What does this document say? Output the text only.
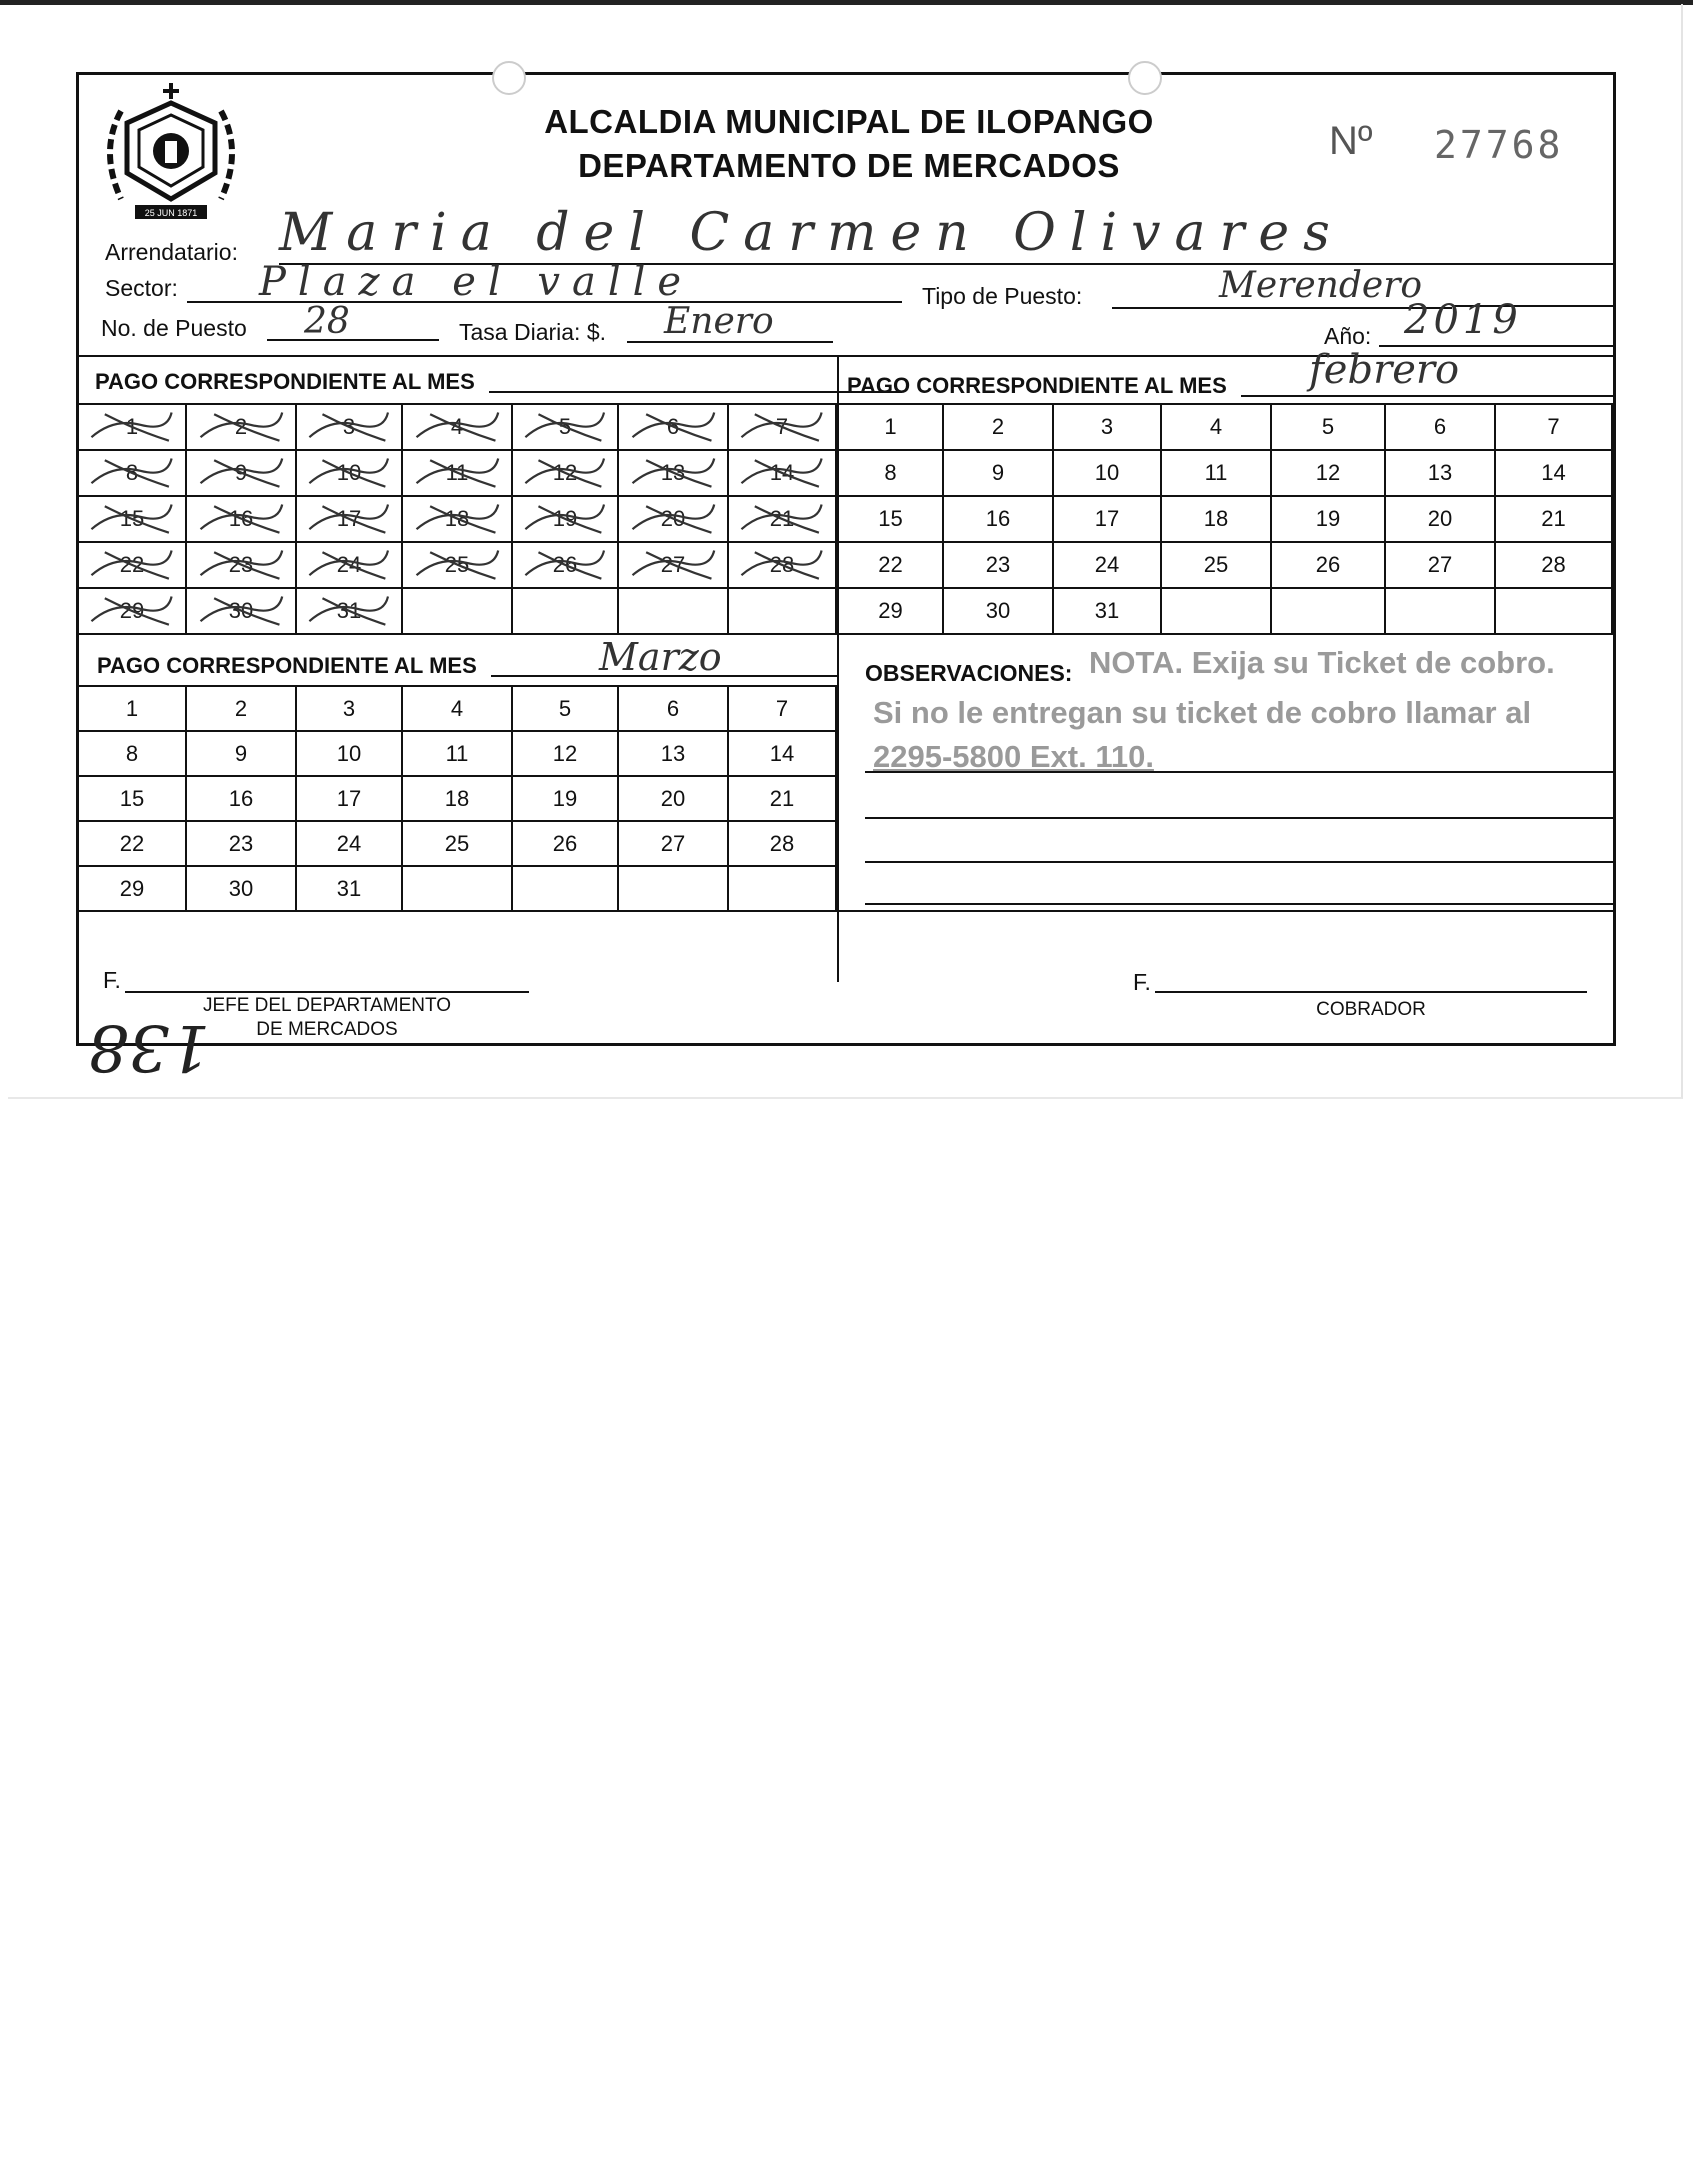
25 JUN 1871
ALCALDIA MUNICIPAL DE ILOPANGO
DEPARTAMENTO DE MERCADOS
Nº 27768
Arrendatario: Maria del Carmen Olivares
Sector: Plaza el valle	Tipo de Puesto:	Merendero
No. de Puesto 28	Tasa Diaria: $. Enero	Año: 2019
PAGO CORRESPONDIENTE AL MES	PAGO CORRESPONDIENTE AL MES febrero
1	2	3	4	5	6	7
8	9	10	11	12	13	14
15	16	17	18	19	20	21
22	23	24	25	26	27	28
29	30	31
1	2	3	4	5	6	7
8	9	10	11	12	13	14
15	16	17	18	19	20	21
22	23	24	25	26	27	28
29	30	31
PAGO CORRESPONDIENTE AL MES	Marzo
1	2	3	4	5	6	7
8	9	10	11	12	13	14
15	16	17	18	19	20	21
22	23	24	25	26	27	28
29	30	31
OBSERVACIONES: NOTA. Exija su Ticket de cobro.
Si no le entregan su ticket de cobro llamar al
2295-5800 Ext. 110.
F.
JEFE DEL DEPARTAMENTO
DE MERCADOS
F.
COBRADOR
138
